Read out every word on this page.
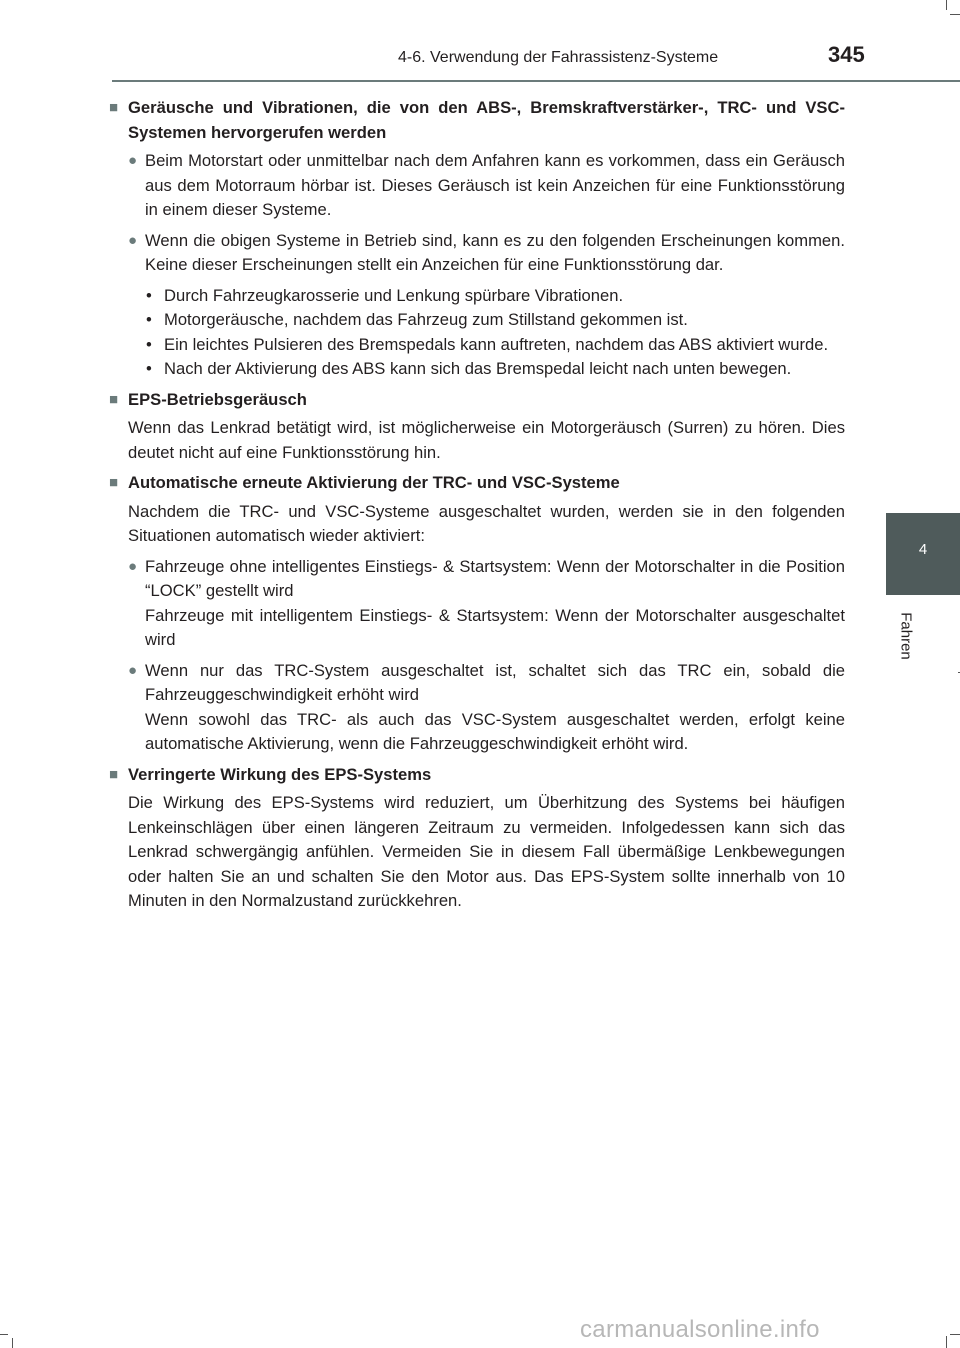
4-6. Verwendung der Fahrassistenz-Systeme	345
4
Fahren
■ Geräusche und Vibrationen, die von den ABS-, Bremskraftverstärker-, TRC- und VSC-Systemen hervorgerufen werden
● Beim Motorstart oder unmittelbar nach dem Anfahren kann es vorkommen, dass ein Geräusch aus dem Motorraum hörbar ist. Dieses Geräusch ist kein Anzeichen für eine Funktionsstörung in einem dieser Systeme.
● Wenn die obigen Systeme in Betrieb sind, kann es zu den folgenden Erscheinungen kommen. Keine dieser Erscheinungen stellt ein Anzeichen für eine Funktionsstörung dar.
• Durch Fahrzeugkarosserie und Lenkung spürbare Vibrationen.
• Motorgeräusche, nachdem das Fahrzeug zum Stillstand gekommen ist.
• Ein leichtes Pulsieren des Bremspedals kann auftreten, nachdem das ABS aktiviert wurde.
• Nach der Aktivierung des ABS kann sich das Bremspedal leicht nach unten bewegen.
■ EPS-Betriebsgeräusch
Wenn das Lenkrad betätigt wird, ist möglicherweise ein Motorgeräusch (Surren) zu hören. Dies deutet nicht auf eine Funktionsstörung hin.
■ Automatische erneute Aktivierung der TRC- und VSC-Systeme
Nachdem die TRC- und VSC-Systeme ausgeschaltet wurden, werden sie in den folgenden Situationen automatisch wieder aktiviert:
● Fahrzeuge ohne intelligentes Einstiegs- & Startsystem: Wenn der Motorschalter in die Position “LOCK” gestellt wird

Fahrzeuge mit intelligentem Einstiegs- & Startsystem: Wenn der Motorschalter ausgeschaltet wird

● Wenn nur das TRC-System ausgeschaltet ist, schaltet sich das TRC ein, sobald die Fahrzeuggeschwindigkeit erhöht wird

Wenn sowohl das TRC- als auch das VSC-System ausgeschaltet werden, erfolgt keine automatische Aktivierung, wenn die Fahrzeuggeschwindigkeit erhöht wird.

■ Verringerte Wirkung des EPS-Systems
Die Wirkung des EPS-Systems wird reduziert, um Überhitzung des Systems bei häufigen Lenkeinschlägen über einen längeren Zeitraum zu vermeiden. Infolgedessen kann sich das Lenkrad schwergängig anfühlen. Vermeiden Sie in diesem Fall übermäßige Lenkbewegungen oder halten Sie an und schalten Sie den Motor aus. Das EPS-System sollte innerhalb von 10 Minuten in den Normalzustand zurückkehren.
carmanualsonline.info
